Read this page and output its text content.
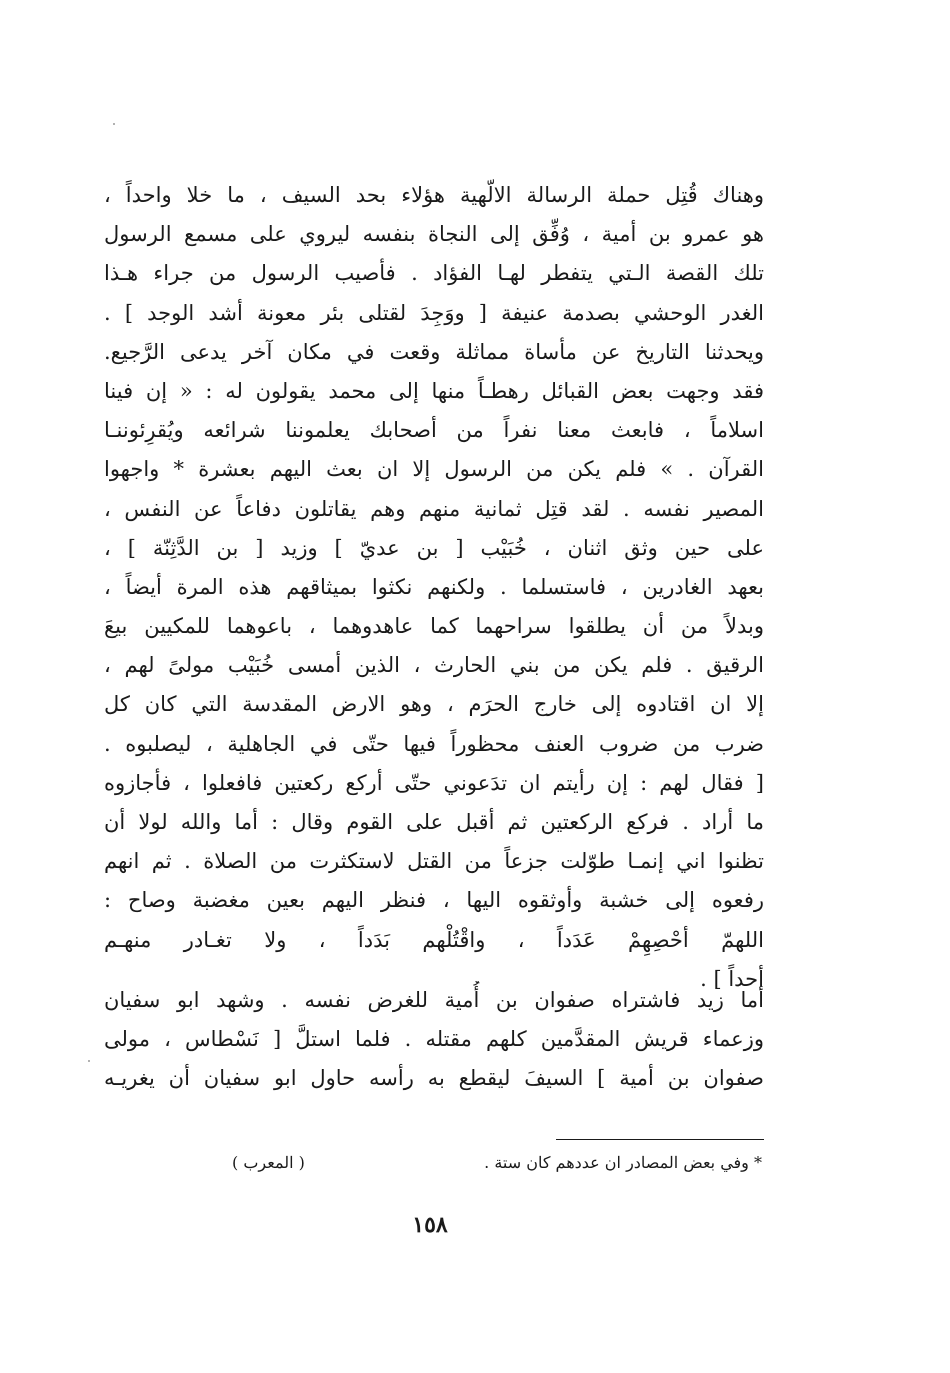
وهناك قُتِل حملة الرسالة الالّهية هؤلاء بحد السيف ، ما خلا واحداً ،
هو عمرو بن أمية ، وُفِّق إلى النجاة بنفسه ليروي على مسمع الرسول
تلك القصة الـتي يتفطر لهـا الفؤاد . فأصيب الرسول من جراء هـذا
الغدر الوحشي بصدمة عنيفة [ ووَجِدَ لقتلى بئر معونة أشد الوجد ] .
ويحدثنا التاريخ عن مأساة مماثلة وقعت في مكان آخر يدعى الرَّجيع.
فقد وجهت بعض القبائل رهطـاً منها إلى محمد يقولون له : « إن فينا
اسلاماً ، فابعث معنا نفراً من أصحابك يعلموننا شرائعه ويُقرِئوننـا
القرآن . » فلم يكن من الرسول إلا ان بعث اليهم بعشرة * واجهوا
المصير نفسه . لقد قتِل ثمانية منهم وهم يقاتلون دفاعاً عن النفس ،
على حين وثق اثنان ، خُبَيْب [ بن عديّ ] وزيد [ بن الدَّثِنّة ] ،
بعهد الغادرين ، فاستسلما . ولكنهم نكثوا بميثاقهم هذه المرة أيضاً ،
وبدلاً من أن يطلقوا سراحهما كما عاهدوهما ، باعوهما للمكيين بيعَ
الرقيق . فلم يكن من بني الحارث ، الذين أمسى خُبَيْب مولىً لهم ،
إلا ان اقتادوه إلى خارج الحرَم ، وهو الارض المقدسة التي كان كل
ضرب من ضروب العنف محظوراً فيها حتّى في الجاهلية ، ليصلبوه .
[ فقال لهم : إن رأيتم ان تدَعوني حتّى أركع ركعتين فافعلوا ، فأجازوه
ما أراد . فركع الركعتين ثم أقبل على القوم وقال : أما والله لولا أن
تظنوا اني إنمـا طوّلت جزعاً من القتل لاستكثرت من الصلاة . ثم انهم
رفعوه إلى خشبة وأوثقوه اليها ، فنظر اليهم بعين مغضبة وصاح :
اللهمّ أحْصِهِمْ عَدَداً ، واقْتُلْهم بَدَداً ، ولا تغـادر منهـم
أحداً ] .
أما زيد فاشتراه صفوان بن أُمية للغرض نفسه . وشهد ابو سفيان
وزعماء قريش المقدَّمين كلهم مقتله . فلما استلَّ [ نَسْطاس ، مولى
صفوان بن أمية ] السيفَ ليقطع به رأسه حاول ابو سفيان أن يغريـه
* وفي بعض المصادر ان عددهم كان ستة .
( المعرب )
١٥٨
